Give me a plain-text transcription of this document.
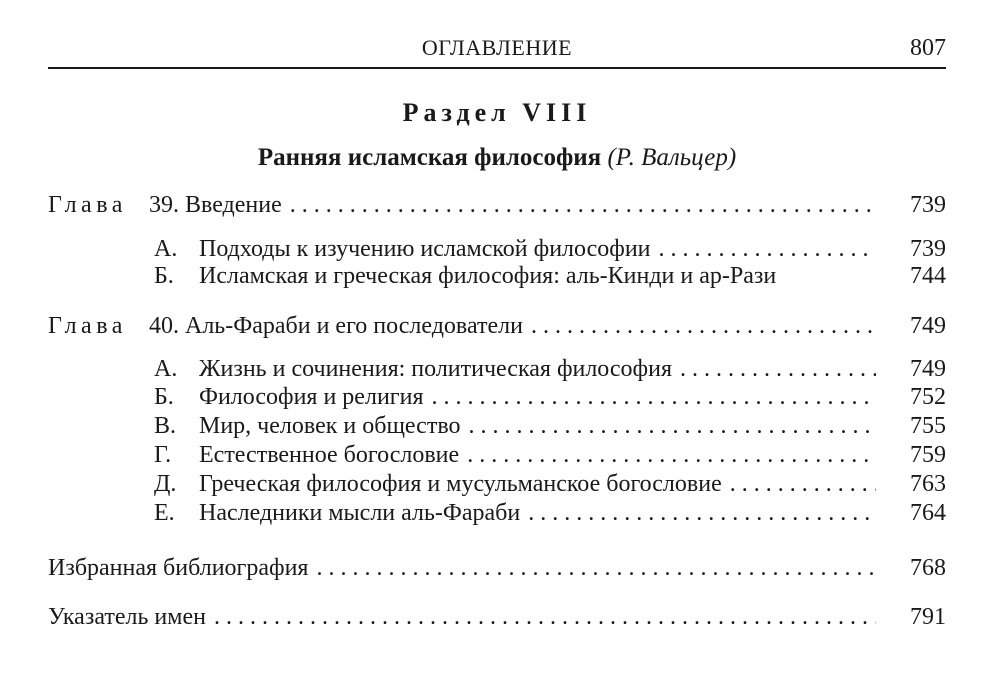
ОГЛАВЛЕНИЕ	807
Раздел VIII
Ранняя исламская философия (Р. Вальцер)
Глава 39. Введение . . .	739
А. Подходы к изучению исламской философии . . .	739
Б.	Исламская и греческая философия: аль-Кинди и ар-Рази	744
Глава 40. Аль-Фараби и его последователи . . .	749
А. Жизнь и сочинения: политическая философия . . .	749
Б.	Философия и религия . . .	752
В. Мир, человек и общество . . .	755
Г.	Естественное богословие . . .	759
Д. Греческая философия и мусульманское богословие . . .	763
Е.	Наследники мысли аль-Фараби . . .	764
Избранная библиография . . .	768
Указатель имен . . .	791
